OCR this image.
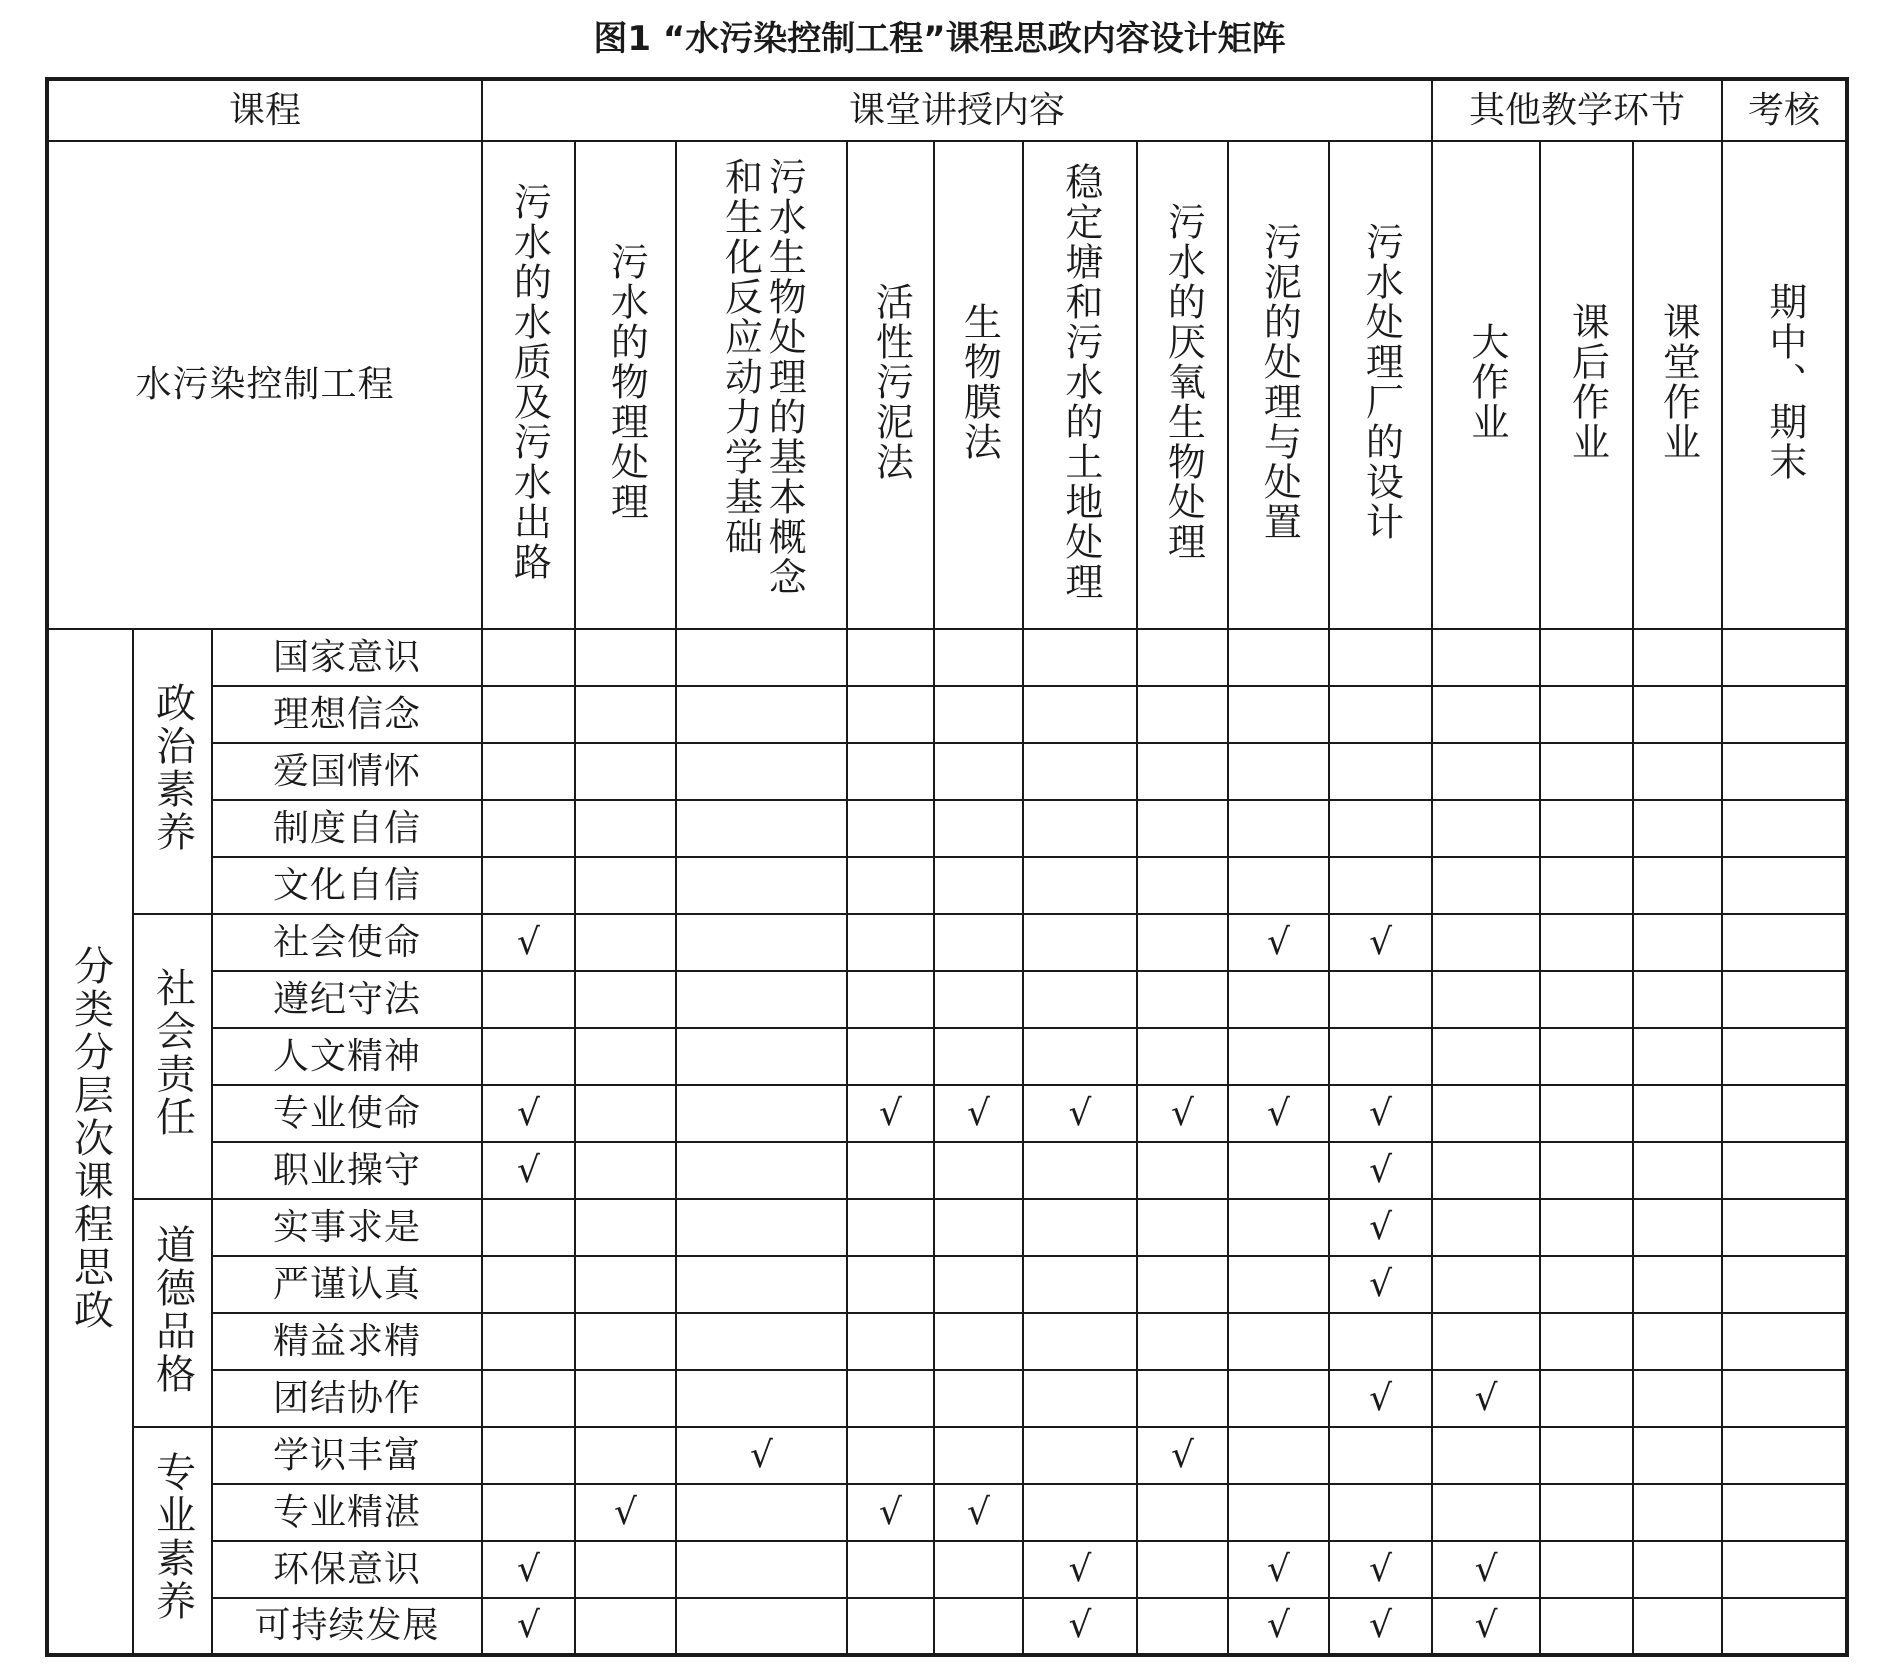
图1 “水污染控制工程”课程思政内容设计矩阵
课程			课堂讲授内容									其他教学环节			考核
水污染控制工程			污水的水质及污水出路	污水的物理处理	污水生物处理的基本概念和生化反应动力学基础	活性污泥法	生物膜法	稳定塘和污水的土地处理	污水的厌氧生物处理	污泥的处理与处置	污水处理厂的设计	大作业	课后作业	课堂作业	期中、期末
分类分层次课程思政	政治素养	国家意识													
		理想信念													
		爱国情怀													
		制度自信													
		文化自信													
	社会责任	社会使命	√							√	√				
		遵纪守法													
		人文精神													
		专业使命	√			√	√	√	√	√	√				
		职业操守	√								√				
	道德品格	实事求是									√				
		严谨认真									√				
		精益求精													
		团结协作									√	√			
	专业素养	学识丰富			√				√						
		专业精湛		√		√	√								
		环保意识	√					√		√	√	√			
		可持续发展	√					√		√	√	√			
